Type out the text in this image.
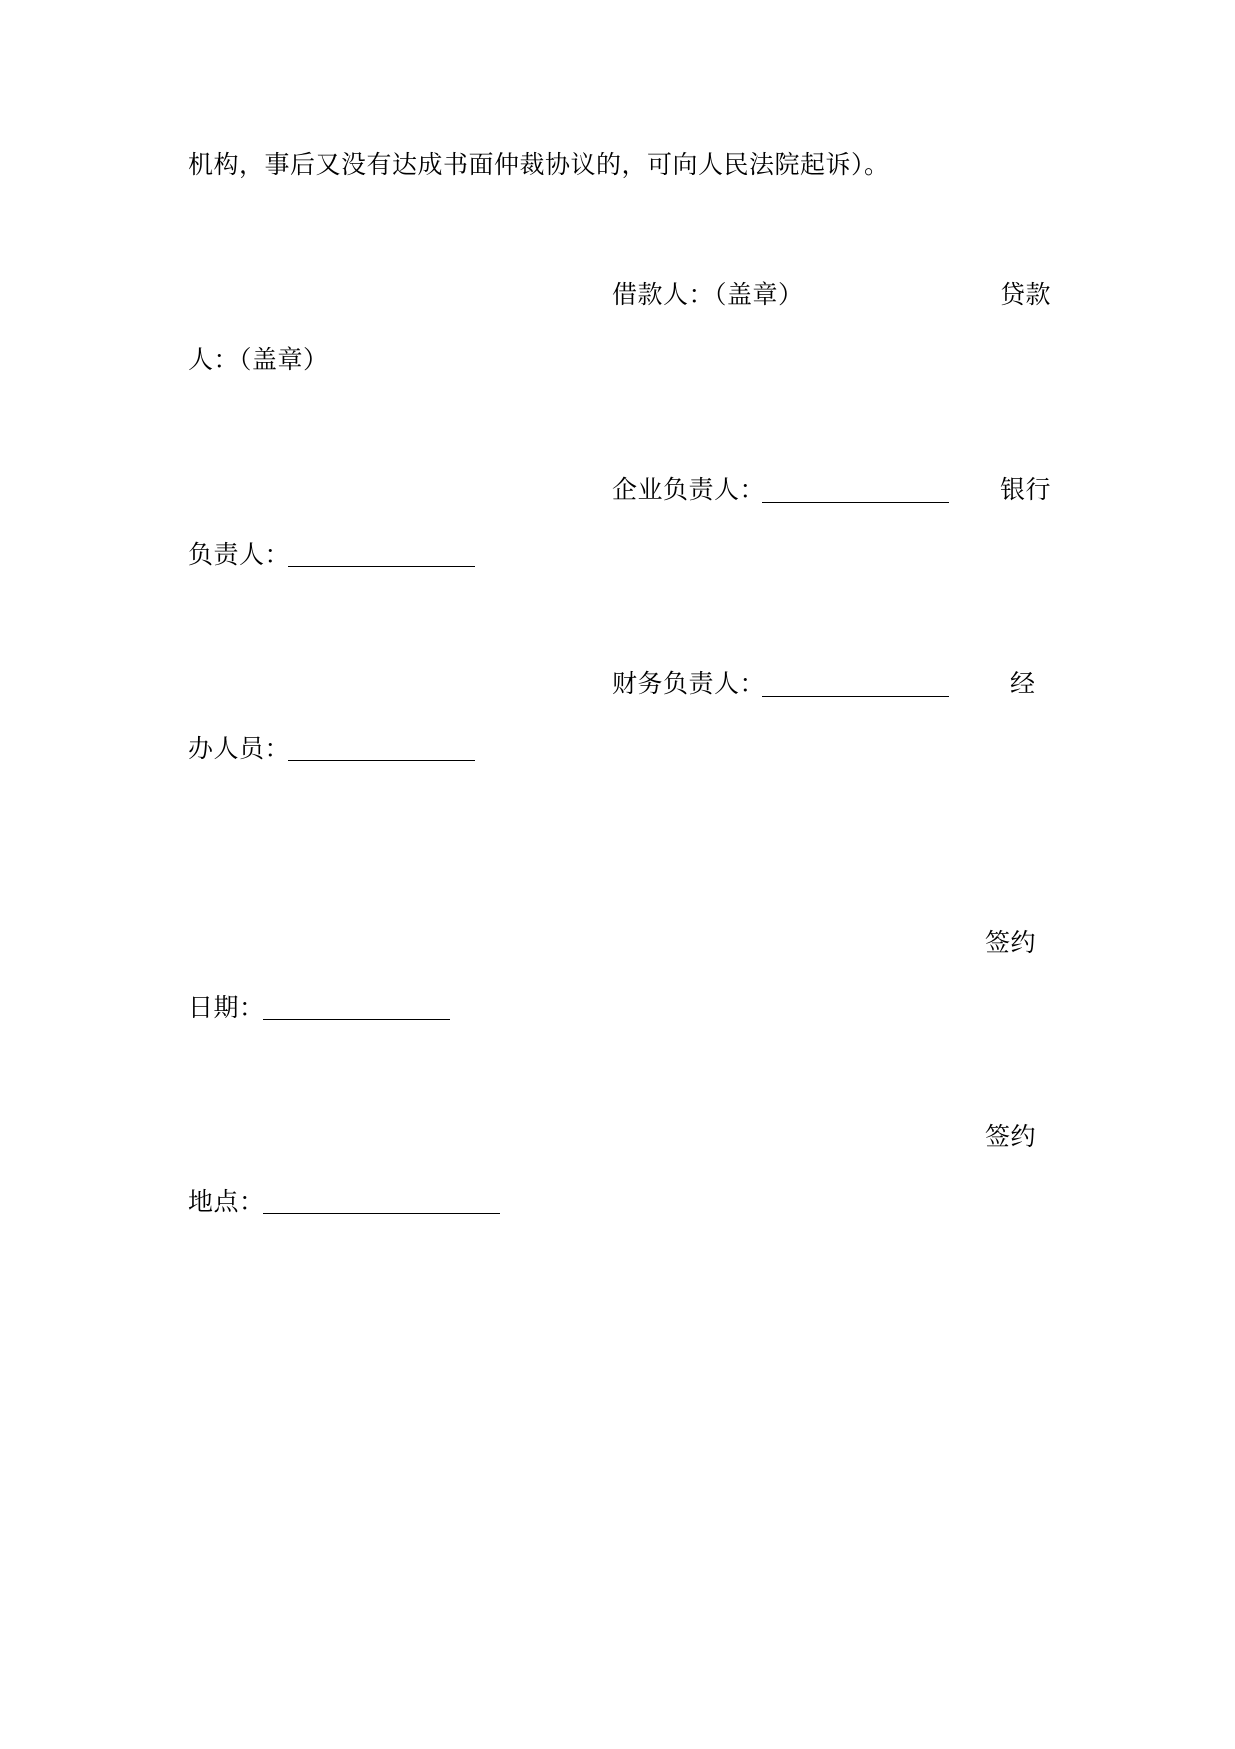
机构，事后又没有达成书面仲裁协议的，可向人民法院起诉）。
借款人：（盖章）	贷款
人：（盖章）
企业负责人：	银行
负责人：
财务负责人：	经
办人员：
签约
日期：
签约
地点：
